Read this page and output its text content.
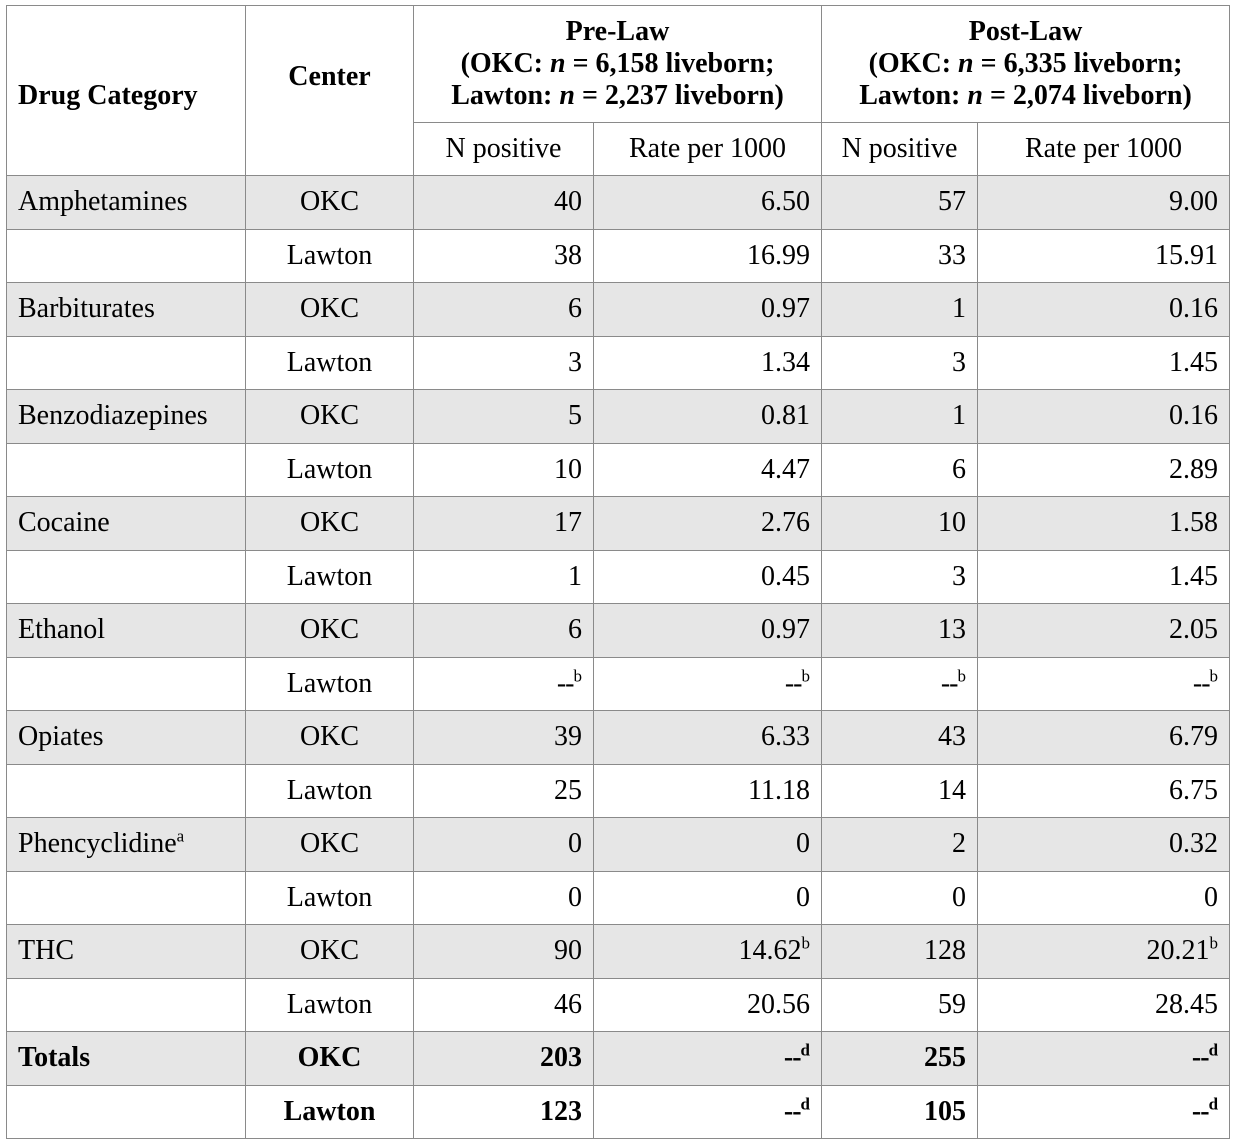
Drug Category	Center	Pre-Law
(OKC: n = 6,158 liveborn;
Lawton: n = 2,237 liveborn)		Post-Law
(OKC: n = 6,335 liveborn;
Lawton: n = 2,074 liveborn)	
		N positive	Rate per 1000	N positive	Rate per 1000
Amphetamines	OKC	40	6.50	57	9.00
	Lawton	38	16.99	33	15.91
Barbiturates	OKC	6	0.97	1	0.16
	Lawton	3	1.34	3	1.45
Benzodiazepines	OKC	5	0.81	1	0.16
	Lawton	10	4.47	6	2.89
Cocaine	OKC	17	2.76	10	1.58
	Lawton	1	0.45	3	1.45
Ethanol	OKC	6	0.97	13	2.05
	Lawton	--$^b$	--$^b$	--$^b$	--$^b$
Opiates	OKC	39	6.33	43	6.79
	Lawton	25	11.18	14	6.75
Phencyclidine$^a$	OKC	0	0	2	0.32
	Lawton	0	0	0	0
THC	OKC	90	14.62$^b$	128	20.21$^b$
	Lawton	46	20.56	59	28.45
Totals	OKC	203	--$^d$	255	--$^d$
	Lawton	123	--$^d$	105	--$^d$
